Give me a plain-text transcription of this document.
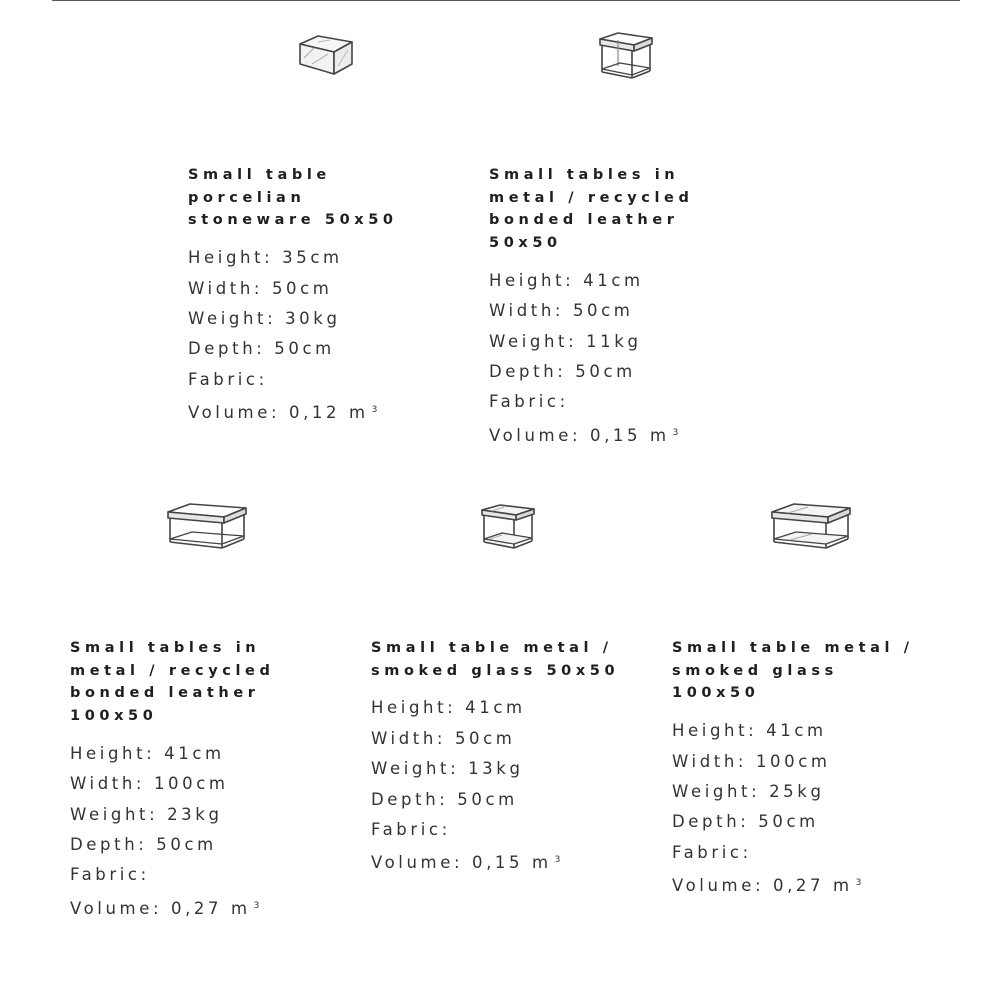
Small table
porcelian
stoneware 50x50
Height: 35cm
Width: 50cm
Weight: 30kg
Depth: 50cm
Fabric:
Volume: 0,12 m $^3$
Small tables in
metal / recycled
bonded leather
50x50
Height: 41cm
Width: 50cm
Weight: 11kg
Depth: 50cm
Fabric:
Volume: 0,15 m $^3$
Small tables in
metal / recycled
bonded leather
100x50
Height: 41cm
Width: 100cm
Weight: 23kg
Depth: 50cm
Fabric:
Volume: 0,27 m $^3$
Small table metal /
smoked glass 50x50
Height: 41cm
Width: 50cm
Weight: 13kg
Depth: 50cm
Fabric:
Volume: 0,15 m $^3$
Small table metal /
smoked glass
100x50
Height: 41cm
Width: 100cm
Weight: 25kg
Depth: 50cm
Fabric:
Volume: 0,27 m $^3$
